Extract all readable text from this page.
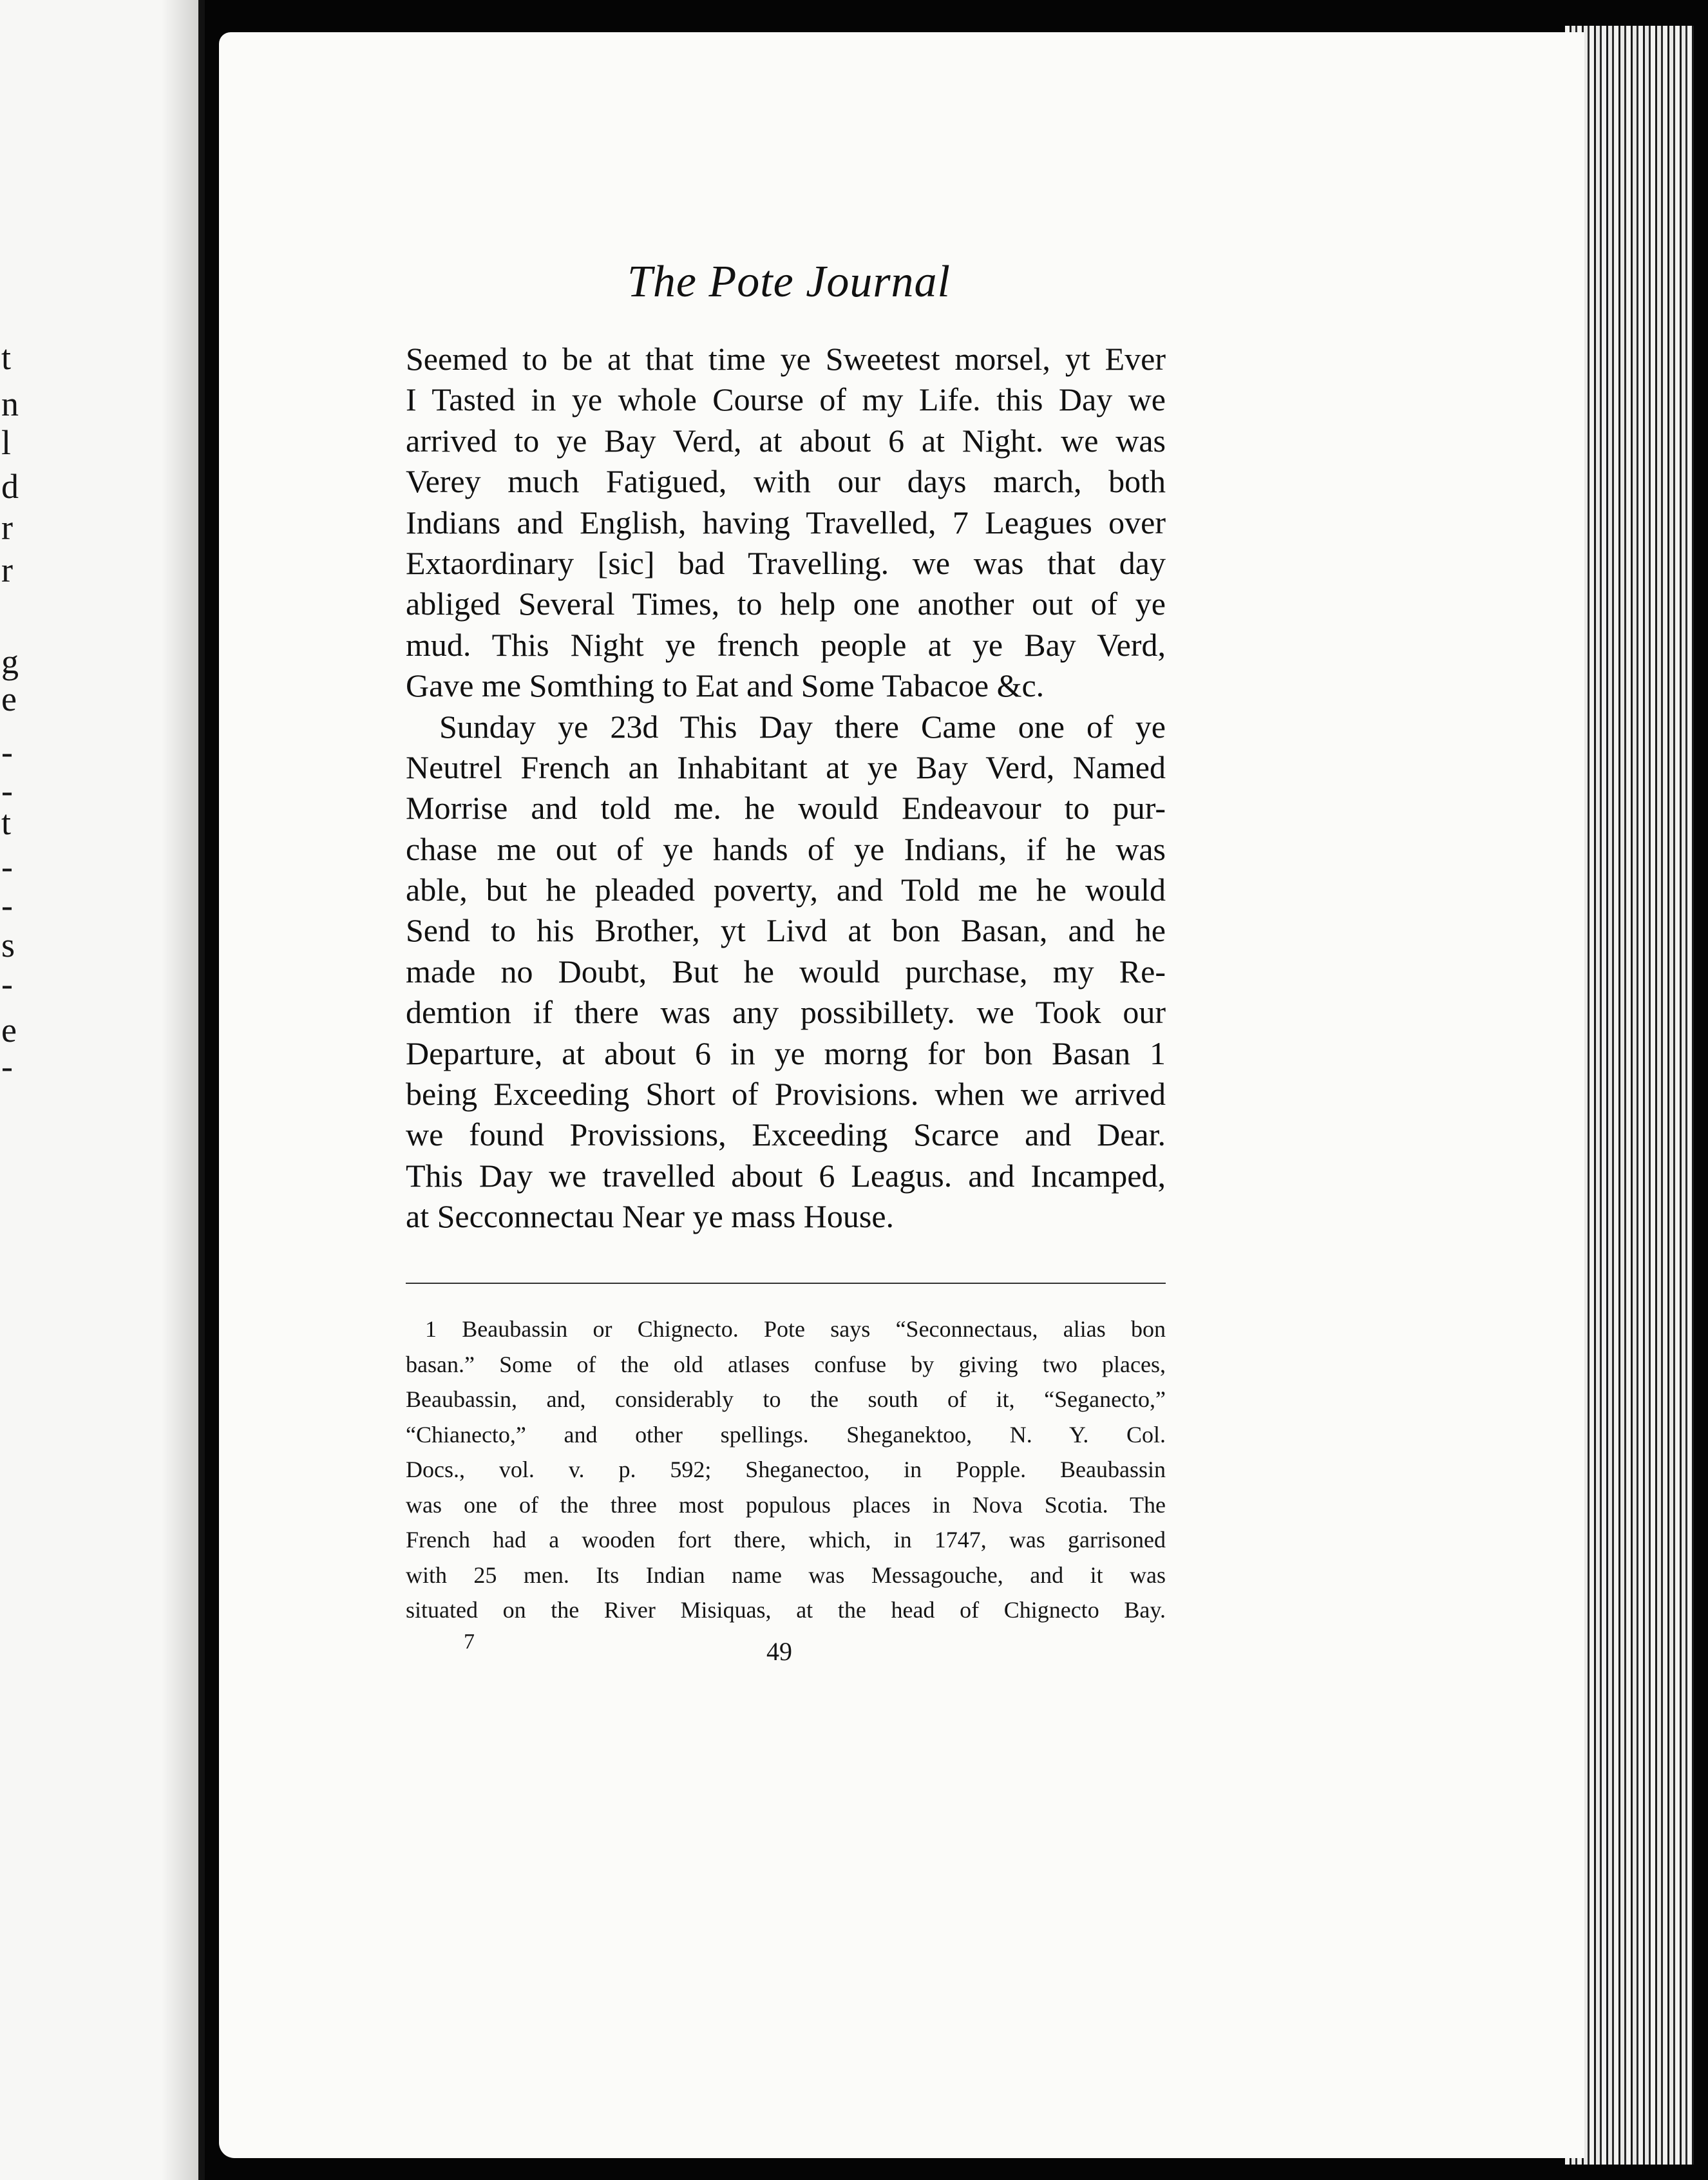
t
n
l
d
r
r
g
e
-
-
t
-
-
s
-
e
-
The Pote Journal
Seemed to be at that time ye Sweetest morsel, yt Ever
I Tasted in ye whole Course of my Life. this Day we
arrived to ye Bay Verd, at about 6 at Night. we was
Verey much Fatigued, with our days march, both
Indians and English, having Travelled, 7 Leagues over
Extaordinary [sic] bad Travelling. we was that day
abliged Several Times, to help one another out of ye
mud. This Night ye french people at ye Bay Verd,
Gave me Somthing to Eat and Some Tabacoe &c.
Sunday ye 23d This Day there Came one of ye
Neutrel French an Inhabitant at ye Bay Verd, Named
Morrise and told me. he would Endeavour to pur-
chase me out of ye hands of ye Indians, if he was
able, but he pleaded poverty, and Told me he would
Send to his Brother, yt Livd at bon Basan, and he
made no Doubt, But he would purchase, my Re-
demtion if there was any possibillety. we Took our
Departure, at about 6 in ye morng for bon Basan 1
being Exceeding Short of Provisions. when we arrived
we found Provissions, Exceeding Scarce and Dear.
This Day we travelled about 6 Leagus. and Incamped,
at Secconnectau Near ye mass House.
1 Beaubassin or Chignecto. Pote says “Seconnectaus, alias bon
basan.” Some of the old atlases confuse by giving two places,
Beaubassin, and, considerably to the south of it, “Seganecto,”
“Chianecto,” and other spellings. Sheganektoo, N. Y. Col.
Docs., vol. v. p. 592; Sheganectoo, in Popple. Beaubassin
was one of the three most populous places in Nova Scotia. The
French had a wooden fort there, which, in 1747, was garrisoned
with 25 men. Its Indian name was Messagouche, and it was
situated on the River Misiquas, at the head of Chignecto Bay.
7	49
